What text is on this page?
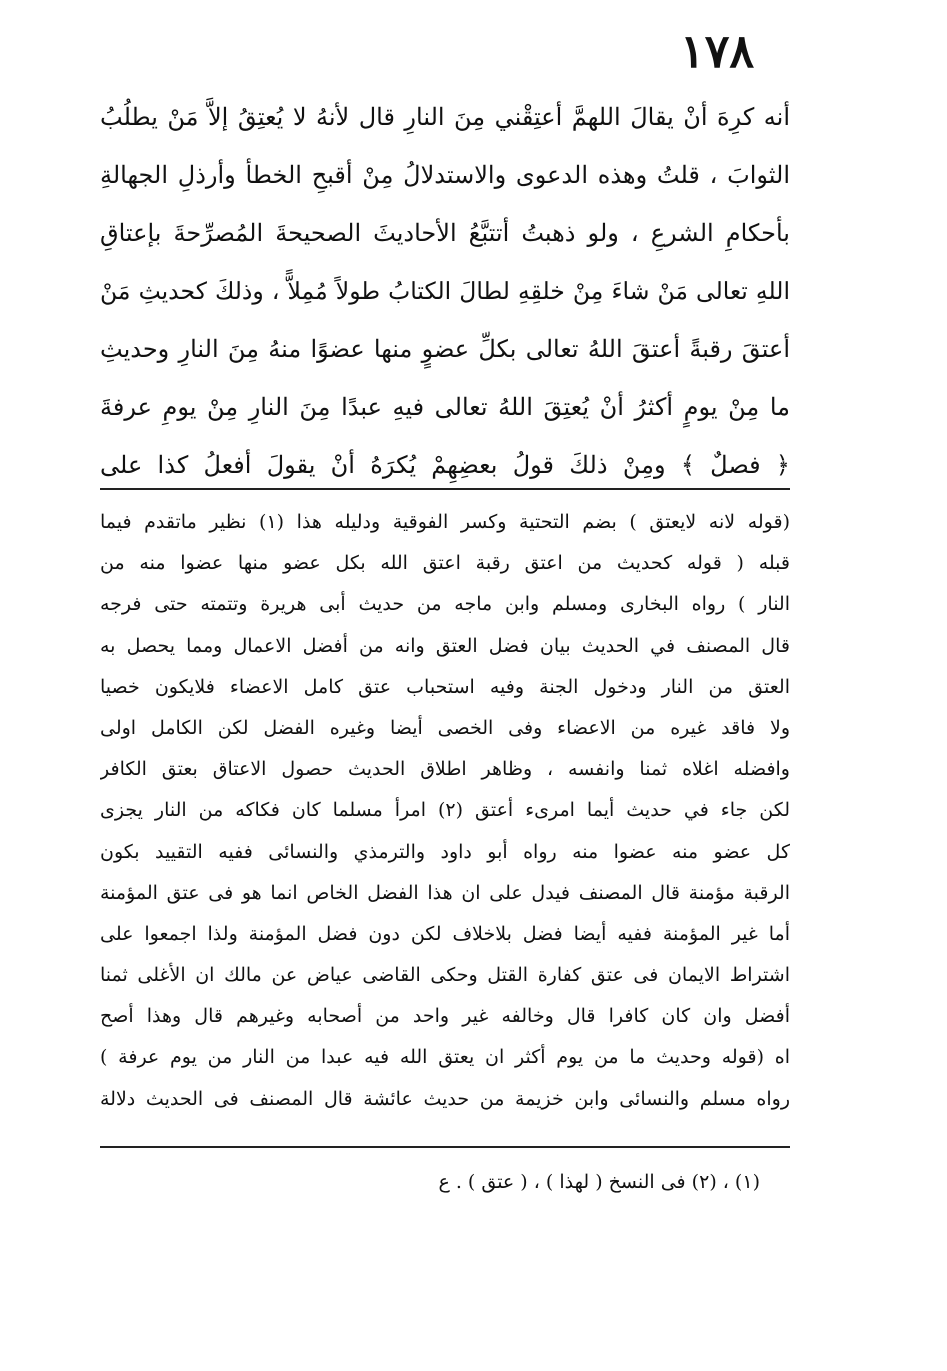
١٧٨
أنه كرِهَ أنْ يقالَ اللهمَّ أعتِقْني مِنَ النارِ قال لأنهُ لا يُعتِقُ إلاَّ مَنْ يطلُبُ
الثوابَ ، قلتُ وهذه الدعوى والاستدلالُ مِنْ أقبحِ الخطأ وأرذلِ الجهالةِ
بأحكامِ الشرعِ ، ولو ذهبتُ أتتبَّعُ الأحاديثَ الصحيحةَ المُصرِّحةَ بإعتاقِ
اللهِ تعالى مَنْ شاءَ مِنْ خلقِهِ لطالَ الكتابُ طولاً مُمِلاًّ ، وذلكَ كحديثِ مَنْ
أعتقَ رقبةً أعتقَ اللهُ تعالى بكلِّ عضوٍ منها عضوًا منهُ مِنَ النارِ وحديثِ
ما مِنْ يومٍ أكثرُ أنْ يُعتِقَ اللهُ تعالى فيهِ عبدًا مِنَ النارِ مِنْ يومِ عرفةَ
﴿ فصلٌ ﴾ ومِنْ ذلكَ قولُ بعضِهِمْ يُكرَهُ أنْ يقولَ أفعلُ كذا على
(قوله لانه لايعتق ) بضم التحتية وكسر الفوقية ودليله هذا (١) نظير ماتقدم فيما
قبله ( قوله كحديث من اعتق رقبة اعتق الله بكل عضو منها عضوا منه من
النار ) رواه البخارى ومسلم وابن ماجه من حديث أبى هريرة وتتمته حتى فرجه
قال المصنف في الحديث بيان فضل العتق وانه من أفضل الاعمال ومما يحصل به
العتق من النار ودخول الجنة وفيه استحباب عتق كامل الاعضاء فلايكون خصيا
ولا فاقد غيره من الاعضاء وفى الخصى أيضا وغيره الفضل لكن الكامل اولى
وافضله اغلاه ثمنا وانفسه ، وظاهر اطلاق الحديث حصول الاعتاق بعتق الكافر
لكن جاء في حديث أيما امرىء أعتق (٢) امرأ مسلما كان فكاكه من النار يجزى
كل عضو منه عضوا منه رواه أبو داود والترمذي والنسائى ففيه التقييد بكون
الرقبة مؤمنة قال المصنف فيدل على ان هذا الفضل الخاص انما هو فى عتق المؤمنة
أما غير المؤمنة ففيه أيضا فضل بلاخلاف لكن دون فضل المؤمنة ولذا اجمعوا على
اشتراط الايمان فى عتق كفارة القتل وحكى القاضى عياض عن مالك ان الأغلى ثمنا
أفضل وان كان كافرا قال وخالفه غير واحد من أصحابه وغيرهم قال وهذا أصح
اه (قوله وحديث ما من يوم أكثر ان يعتق الله فيه عبدا من النار من يوم عرفة )
رواه مسلم والنسائى وابن خزيمة من حديث عائشة قال المصنف فى الحديث دلالة
(١) ، (٢) فى النسخ ( لهذا ) ، ( عتق ) . ع
